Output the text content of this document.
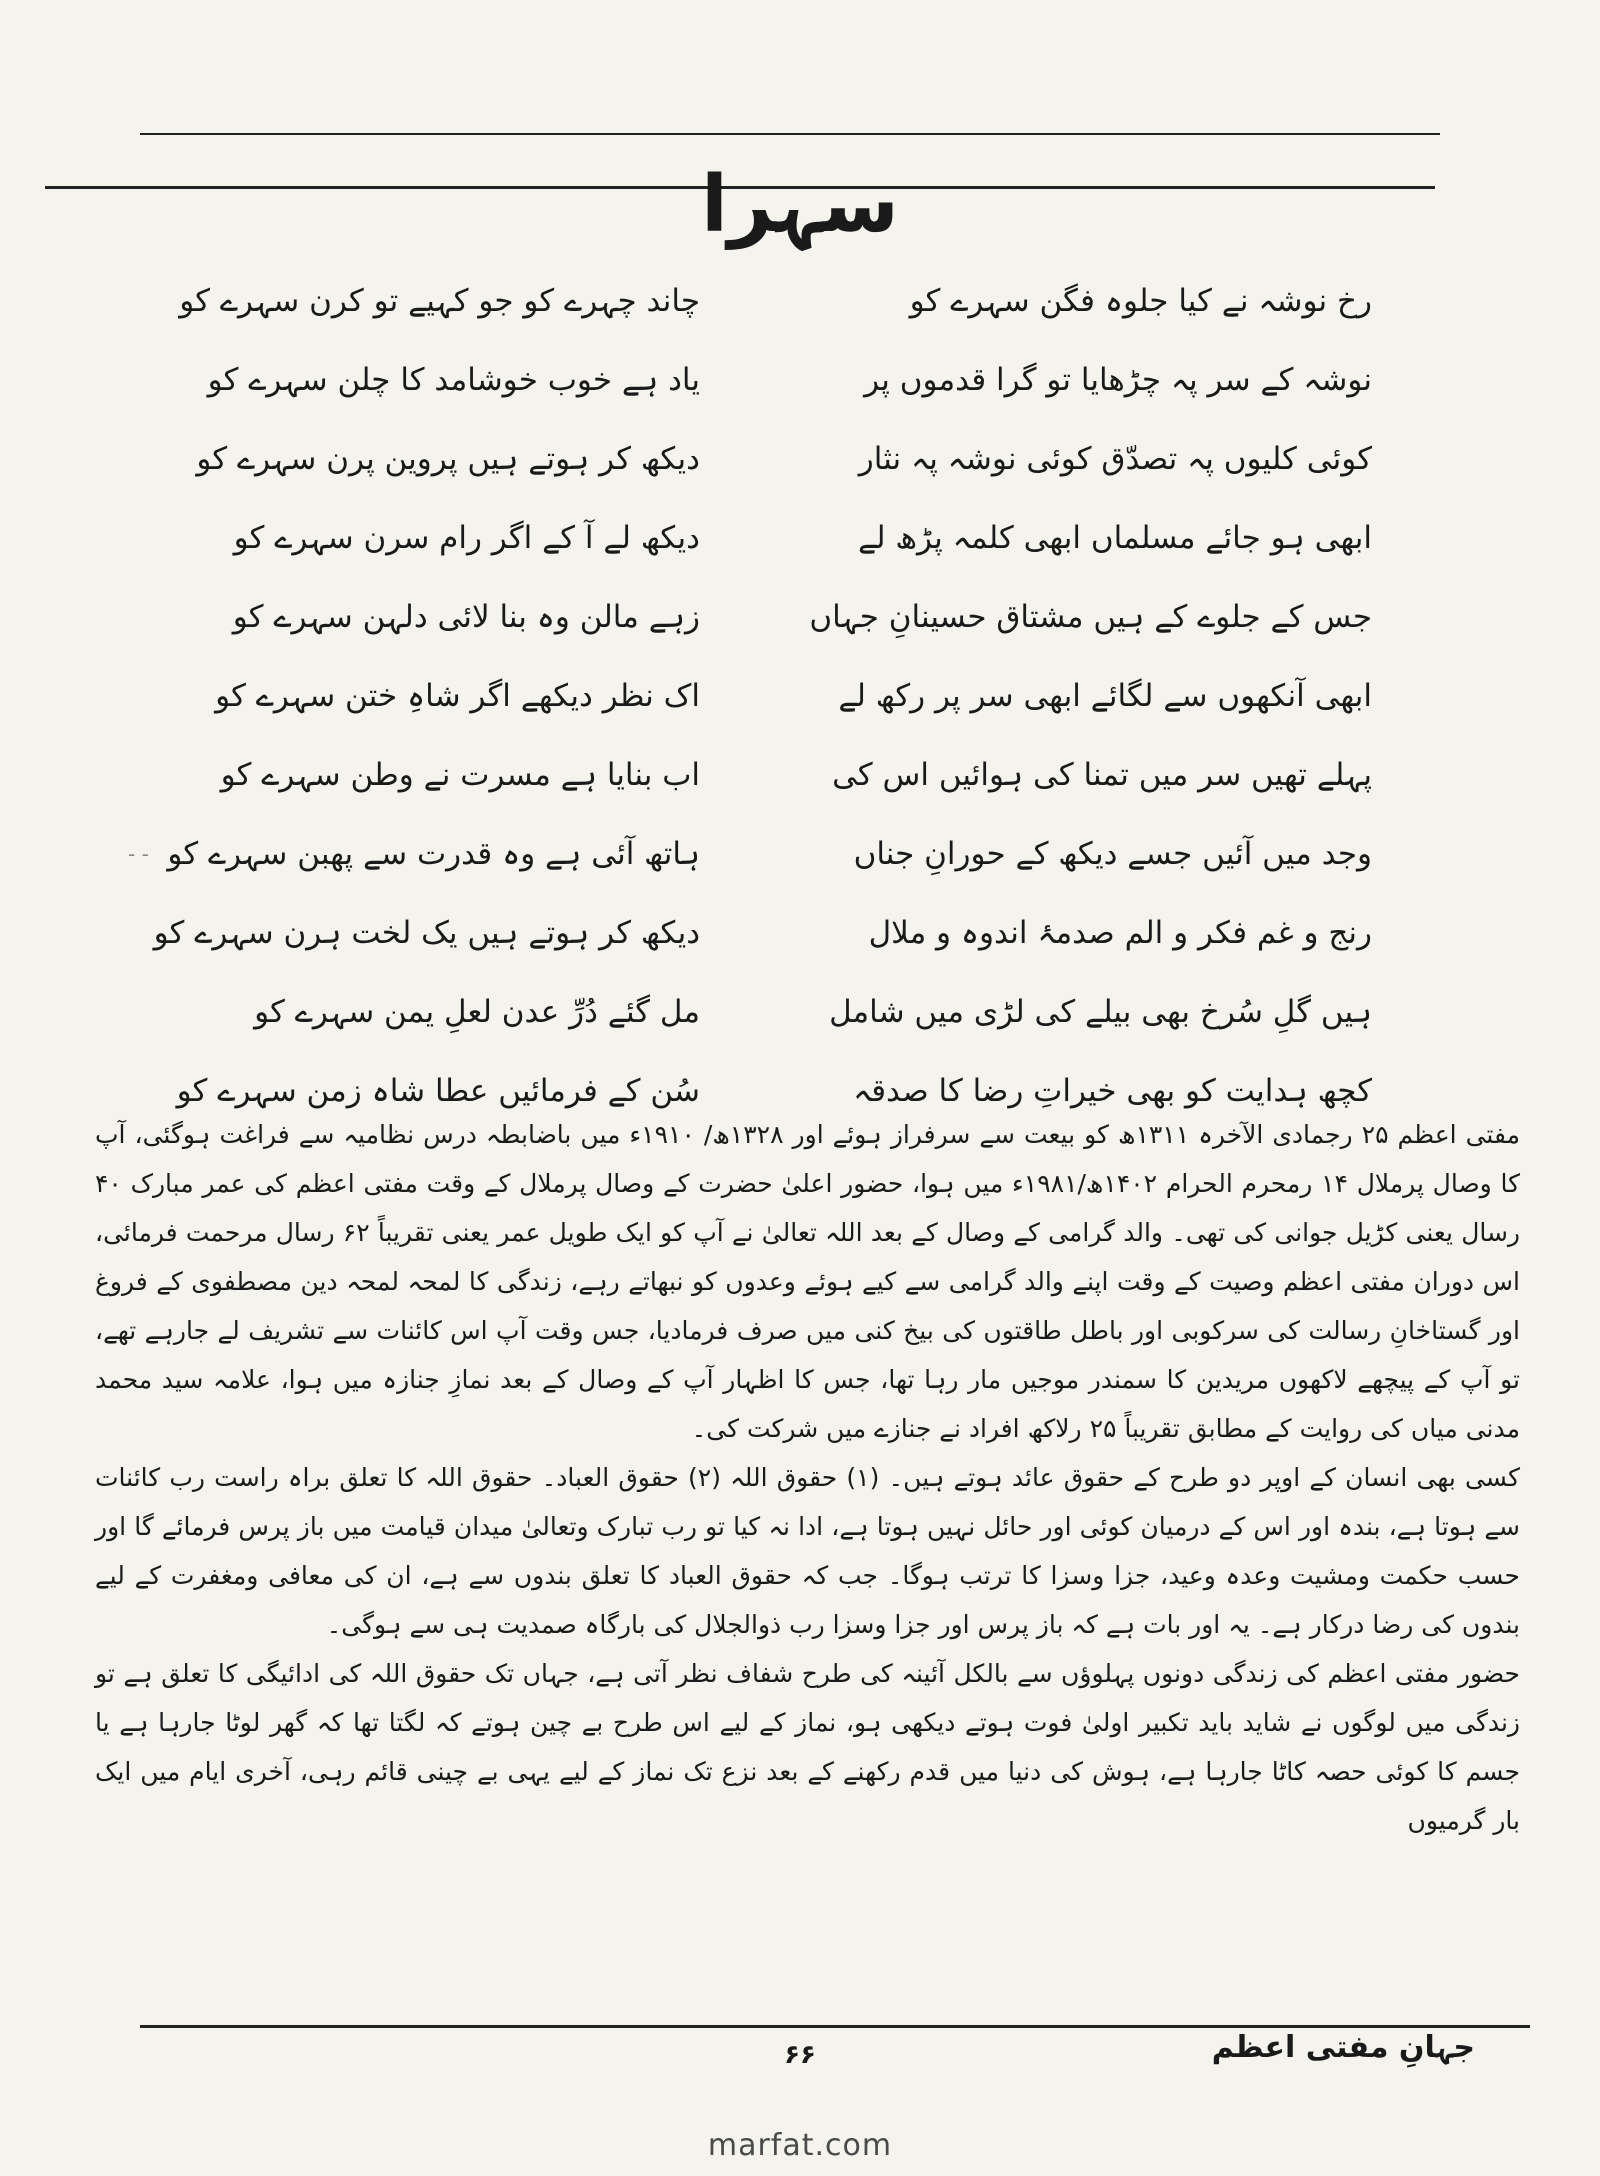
سہرا
رخ نوشہ نے کیا جلوہ فگن سہرے کو
نوشہ کے سر پہ چڑھایا تو گرا قدموں پر
کوئی کلیوں پہ تصدّق کوئی نوشہ پہ نثار
ابھی ہو جائے مسلماں ابھی کلمہ پڑھ لے
جس کے جلوے کے ہیں مشتاق حسینانِ جہاں
ابھی آنکھوں سے لگائے ابھی سر پر رکھ لے
پہلے تھیں سر میں تمنا کی ہوائیں اس کی
وجد میں آئیں جسے دیکھ کے حورانِ جناں
رنج و غم فکر و الم صدمۂ اندوہ و ملال
ہیں گلِ سُرخ بھی بیلے کی لڑی میں شامل
کچھ ہدایت کو بھی خیراتِ رضا کا صدقہ
چاند چہرے کو جو کہیے تو کرن سہرے کو
یاد ہے خوب خوشامد کا چلن سہرے کو
دیکھ کر ہوتے ہیں پروین پرن سہرے کو
دیکھ لے آ کے اگر رام سرن سہرے کو
زہے مالن وہ بنا لائی دلہن سہرے کو
اک نظر دیکھے اگر شاہِ ختن سہرے کو
اب بنایا ہے مسرت نے وطن سہرے کو
ہاتھ آئی ہے وہ قدرت سے پھبن سہرے کو
دیکھ کر ہوتے ہیں یک لخت ہرن سہرے کو
مل گئے دُرِّ عدن لعلِ یمن سہرے کو
سُن کے فرمائیں عطا شاہ زمن سہرے کو
‑ ‑

مفتی اعظم ۲۵ رجمادی الآخرہ ۱۳۱۱ھ کو بیعت سے سرفراز ہوئے اور ۱۳۲۸ھ/ ۱۹۱۰ء میں باضابطہ درس نظامیہ سے فراغت ہوگئی، آپ کا وصال پرملال ۱۴ رمحرم الحرام ۱۴۰۲ھ/۱۹۸۱ء میں ہوا، حضور اعلیٰ حضرت کے وصال پرملال کے وقت مفتی اعظم کی عمر مبارک ۴۰ رسال یعنی کڑیل جوانی کی تھی۔ والد گرامی کے وصال کے بعد اللہ تعالیٰ نے آپ کو ایک طویل عمر یعنی تقریباً ۶۲ رسال مرحمت فرمائی، اس دوران مفتی اعظم وصیت کے وقت اپنے والد گرامی سے کیے ہوئے وعدوں کو نبھاتے رہے، زندگی کا لمحہ لمحہ دین مصطفوی کے فروغ اور گستاخانِ رسالت کی سرکوبی اور باطل طاقتوں کی بیخ کنی میں صرف فرمادیا، جس وقت آپ اس کائنات سے تشریف لے جارہے تھے، تو آپ کے پیچھے لاکھوں مریدین کا سمندر موجیں مار رہا تھا، جس کا اظہار آپ کے وصال کے بعد نمازِ جنازہ میں ہوا، علامہ سید محمد مدنی میاں کی روایت کے مطابق تقریباً ۲۵ رلاکھ افراد نے جنازے میں شرکت کی۔

کسی بھی انسان کے اوپر دو طرح کے حقوق عائد ہوتے ہیں۔ (۱) حقوق اللہ (۲) حقوق العباد۔ حقوق اللہ کا تعلق براہ راست رب کائنات سے ہوتا ہے، بندہ اور اس کے درمیان کوئی اور حائل نہیں ہوتا ہے، ادا نہ کیا تو رب تبارک وتعالیٰ میدان قیامت میں باز پرس فرمائے گا اور حسب حکمت ومشیت وعدہ وعید، جزا وسزا کا ترتب ہوگا۔ جب کہ حقوق العباد کا تعلق بندوں سے ہے، ان کی معافی ومغفرت کے لیے بندوں کی رضا درکار ہے۔ یہ اور بات ہے کہ باز پرس اور جزا وسزا رب ذوالجلال کی بارگاہ صمدیت ہی سے ہوگی۔

حضور مفتی اعظم کی زندگی دونوں پہلوؤں سے بالکل آئینہ کی طرح شفاف نظر آتی ہے، جہاں تک حقوق اللہ کی ادائیگی کا تعلق ہے تو زندگی میں لوگوں نے شاید باید تکبیر اولیٰ فوت ہوتے دیکھی ہو، نماز کے لیے اس طرح بے چین ہوتے کہ لگتا تھا کہ گھر لوٹا جارہا ہے یا جسم کا کوئی حصہ کاٹا جارہا ہے، ہوش کی دنیا میں قدم رکھنے کے بعد نزع تک نماز کے لیے یہی بے چینی قائم رہی، آخری ایام میں ایک بار گرمیوں

جہانِ مفتی اعظم
۶۶
marfat.com
